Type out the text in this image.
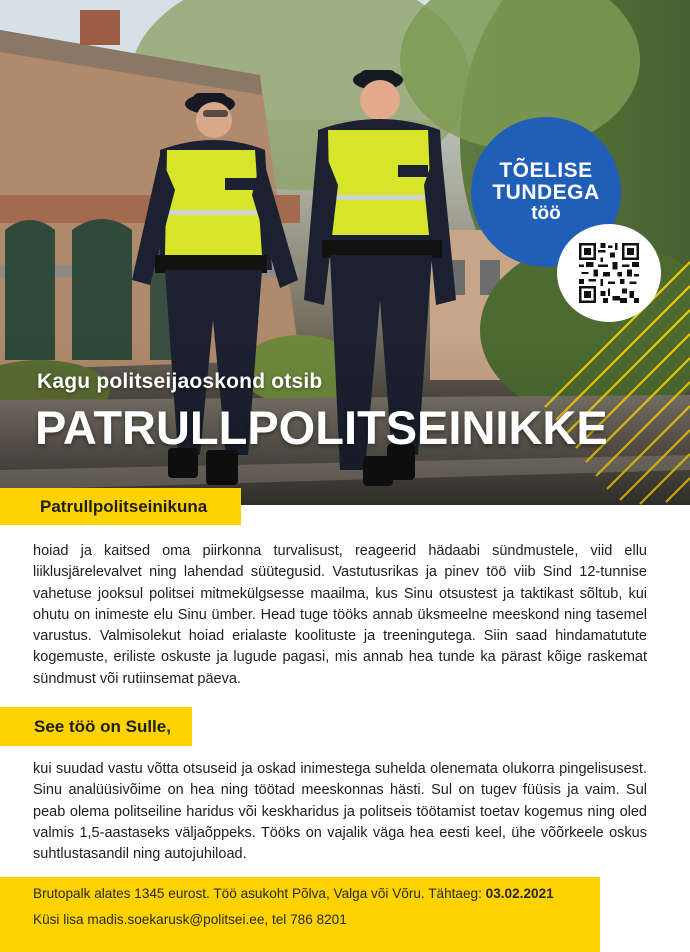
Kagu politseijaoskond otsib
PATRULLPOLITSEINIKKE
TÕELISE
TUNDEGA
töö
Patrullpolitseinikuna
hoiad ja kaitsed oma piirkonna turvalisust, reageerid hädaabi sündmustele, viid ellu liiklusjärelevalvet ning lahendad süütegusid. Vastutusrikas ja pinev töö viib Sind 12-tunnise vahetuse jooksul politsei mitmekülgsesse maailma, kus Sinu otsustest ja taktikast sõltub, kui ohutu on inimeste elu Sinu ümber. Head tuge tööks annab üksmeelne meeskond ning tasemel varustus. Valmisolekut hoiad erialaste koolituste ja treeningutega. Siin saad hindamatutute kogemuste, eriliste oskuste ja lugude pagasi, mis annab hea tunde ka pärast kõige raskemat sündmust või rutiinsemat päeva.
See töö on Sulle,
kui suudad vastu võtta otsuseid ja oskad inimestega suhelda olenemata olukorra pingelisusest. Sinu analüüsivõime on hea ning töötad meeskonnas hästi. Sul on tugev füüsis ja vaim. Sul peab olema politseiline haridus või keskharidus ja politseis töötamist toetav kogemus ning oled valmis 1,5-aastaseks väljaõppeks. Tööks on vajalik väga hea eesti keel, ühe võõrkeele oskus suhtlustasandil ning autojuhiload.
Brutopalk alates 1345 eurost. Töö asukoht Põlva, Valga või Võru. Tähtaeg: 03.02.2021
Küsi lisa madis.soekarusk@politsei.ee, tel 786 8201
